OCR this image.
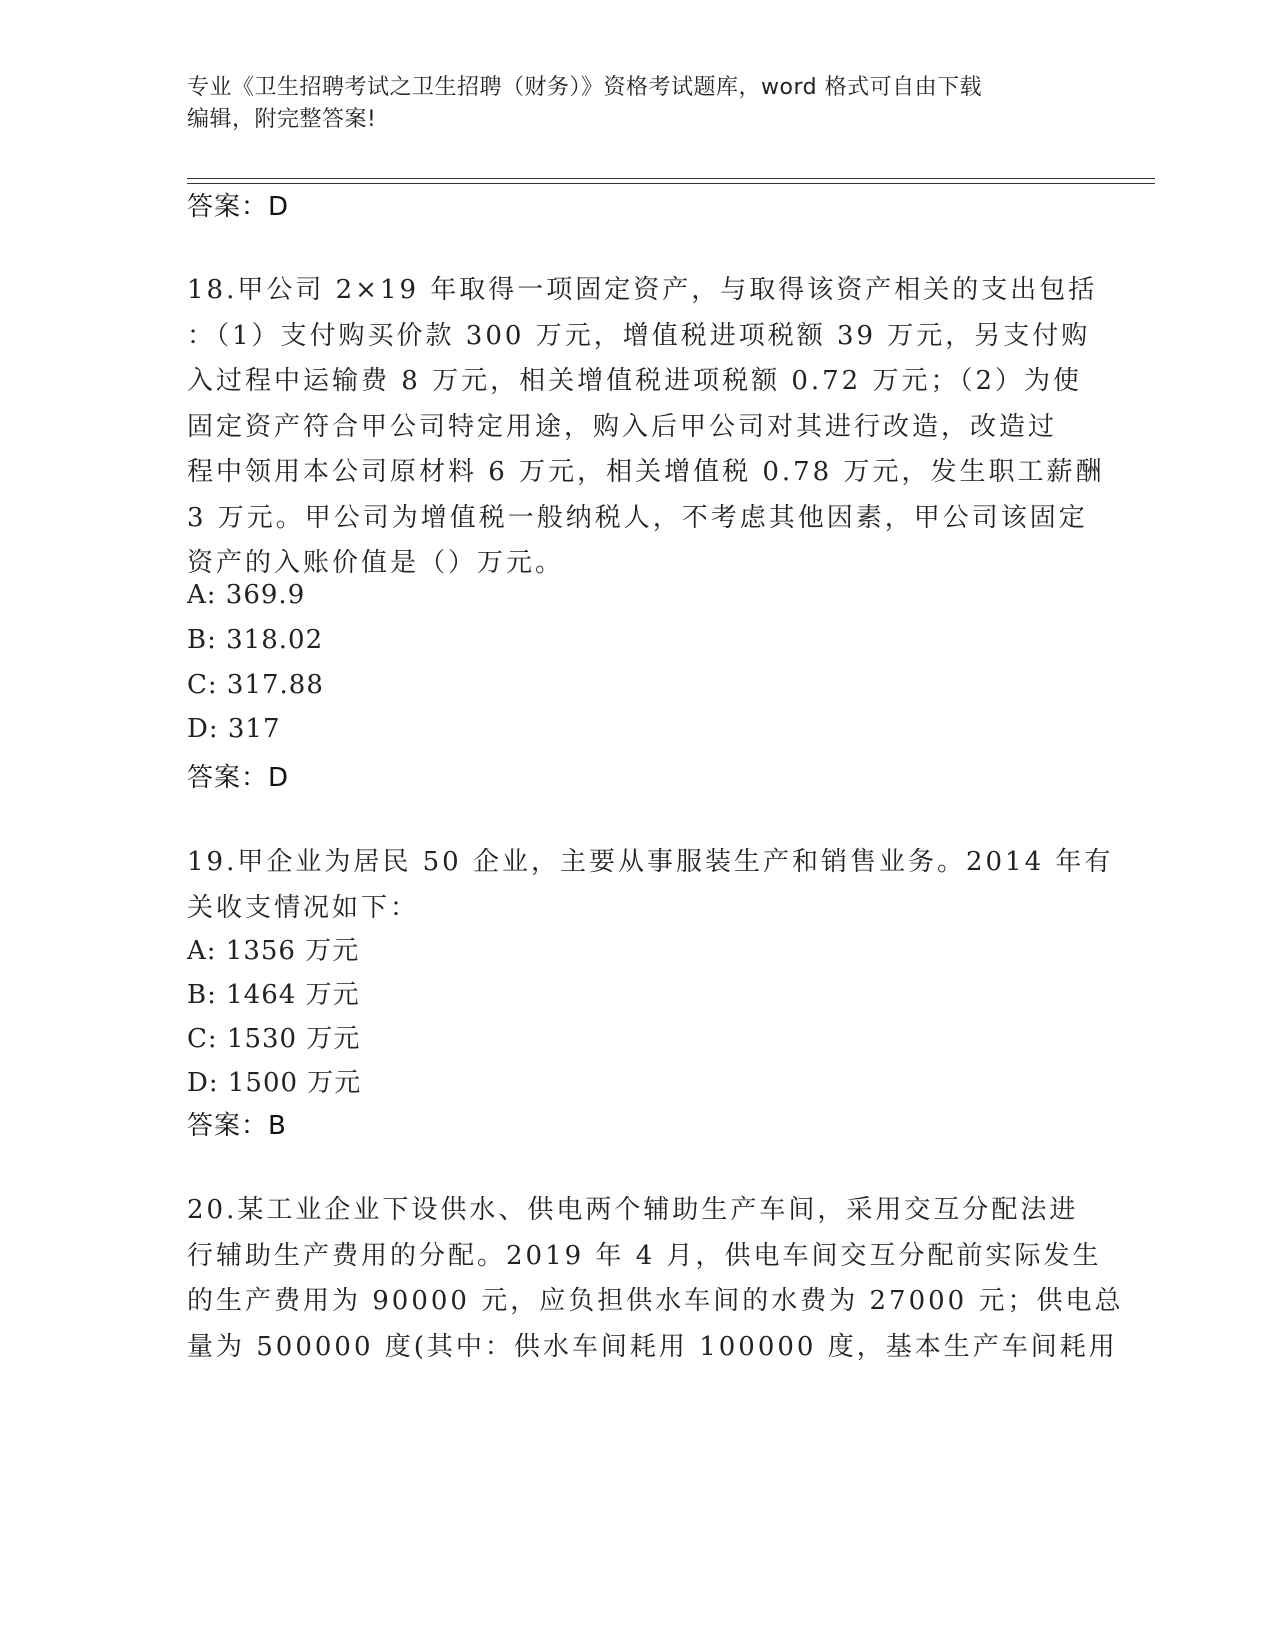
专业《卫生招聘考试之卫生招聘（财务）》资格考试题库，word 格式可自由下载
编辑，附完整答案!
答案：D
18.甲公司 2×19 年取得一项固定资产，与取得该资产相关的支出包括
：（1）支付购买价款 300 万元，增值税进项税额 39 万元，另支付购
入过程中运输费 8 万元，相关增值税进项税额 0.72 万元；（2）为使
固定资产符合甲公司特定用途，购入后甲公司对其进行改造，改造过
程中领用本公司原材料 6 万元，相关增值税 0.78 万元，发生职工薪酬
3 万元。甲公司为增值税一般纳税人，不考虑其他因素，甲公司该固定
资产的入账价值是（）万元。
A: 369.9
B: 318.02
C: 317.88
D: 317
答案：D
19.甲企业为居民 50 企业，主要从事服装生产和销售业务。2014 年有
关收支情况如下：
A: 1356 万元
B: 1464 万元
C: 1530 万元
D: 1500 万元
答案：B
20.某工业企业下设供水、供电两个辅助生产车间，采用交互分配法进
行辅助生产费用的分配。2019 年 4 月，供电车间交互分配前实际发生
的生产费用为 90000 元，应负担供水车间的水费为 27000 元；供电总
量为 500000 度(其中：供水车间耗用 100000 度，基本生产车间耗用
